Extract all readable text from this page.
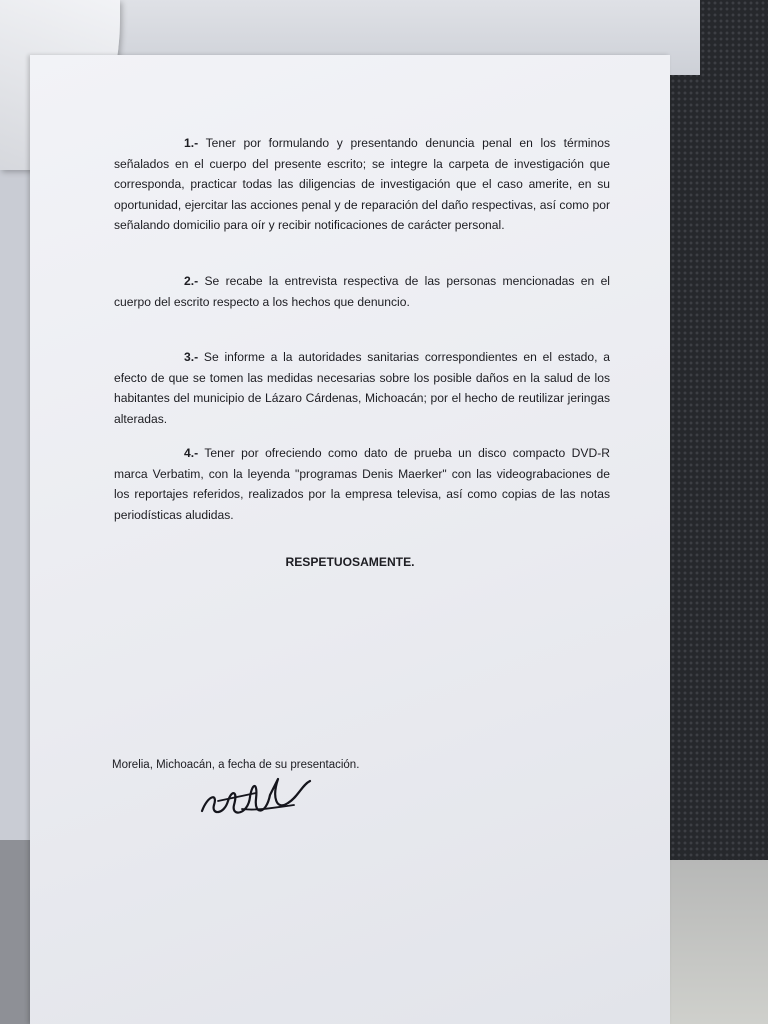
1.- Tener por formulando y presentando denuncia penal en los términos señalados en el cuerpo del presente escrito; se integre la carpeta de investigación que corresponda, practicar todas las diligencias de investigación que el caso amerite, en su oportunidad, ejercitar las acciones penal y de reparación del daño respectivas, así como por señalando domicilio para oír y recibir notificaciones de carácter personal.

2.- Se recabe la entrevista respectiva de las personas mencionadas en el cuerpo del escrito respecto a los hechos que denuncio.

3.- Se informe a la autoridades sanitarias correspondientes en el estado, a efecto de que se tomen las medidas necesarias sobre los posible daños en la salud de los habitantes del municipio de Lázaro Cárdenas, Michoacán; por el hecho de reutilizar jeringas alteradas.

4.- Tener por ofreciendo como dato de prueba un disco compacto DVD-R marca Verbatim, con la leyenda "programas Denis Maerker" con las videograbaciones de los reportajes referidos, realizados por la empresa televisa, así como copias de las notas periodísticas aludidas.

RESPETUOSAMENTE.
Morelia, Michoacán, a fecha de su presentación.
